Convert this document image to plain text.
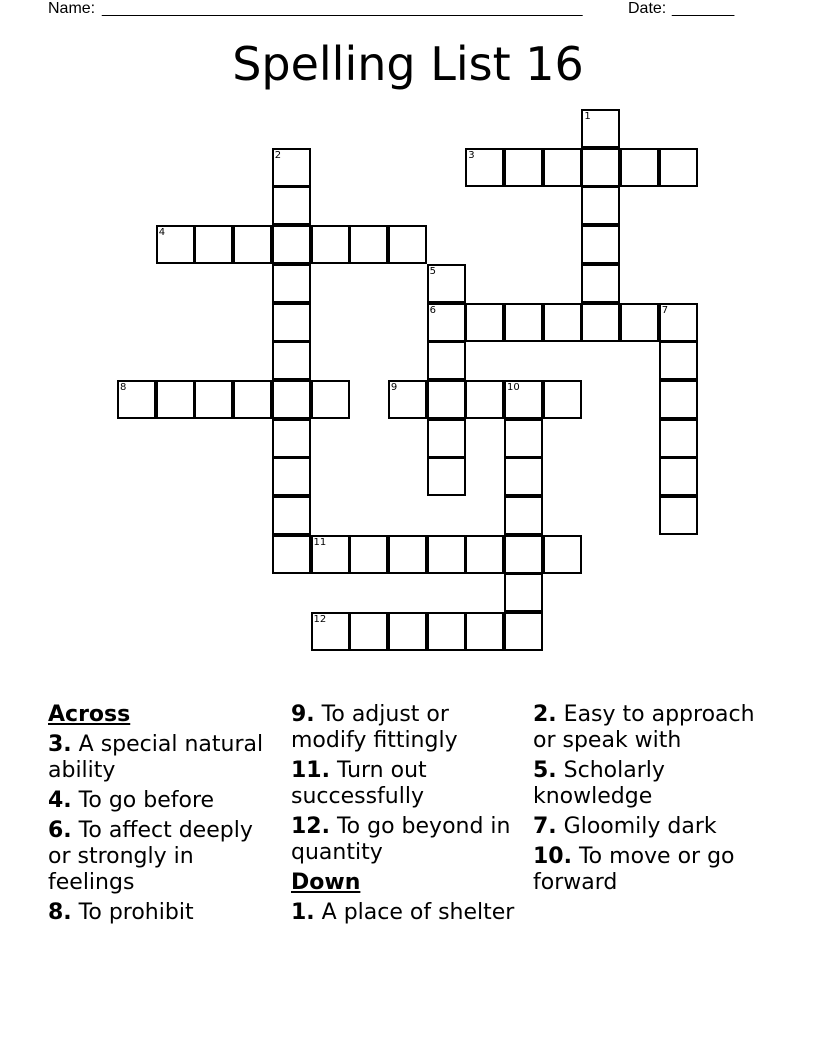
Name: ______________________________________________________	Date: _______
Spelling List 16
1
2	3
4
5
6	7
8	9	10
11
12
Across
3. A special natural ability
4. To go before
6. To affect deeply or strongly in feelings
8. To prohibit
9. To adjust or modify fittingly
11. Turn out successfully
12. To go beyond in quantity
Down
1. A place of shelter
2. Easy to approach or speak with
5. Scholarly knowledge
7. Gloomily dark
10. To move or go forward
